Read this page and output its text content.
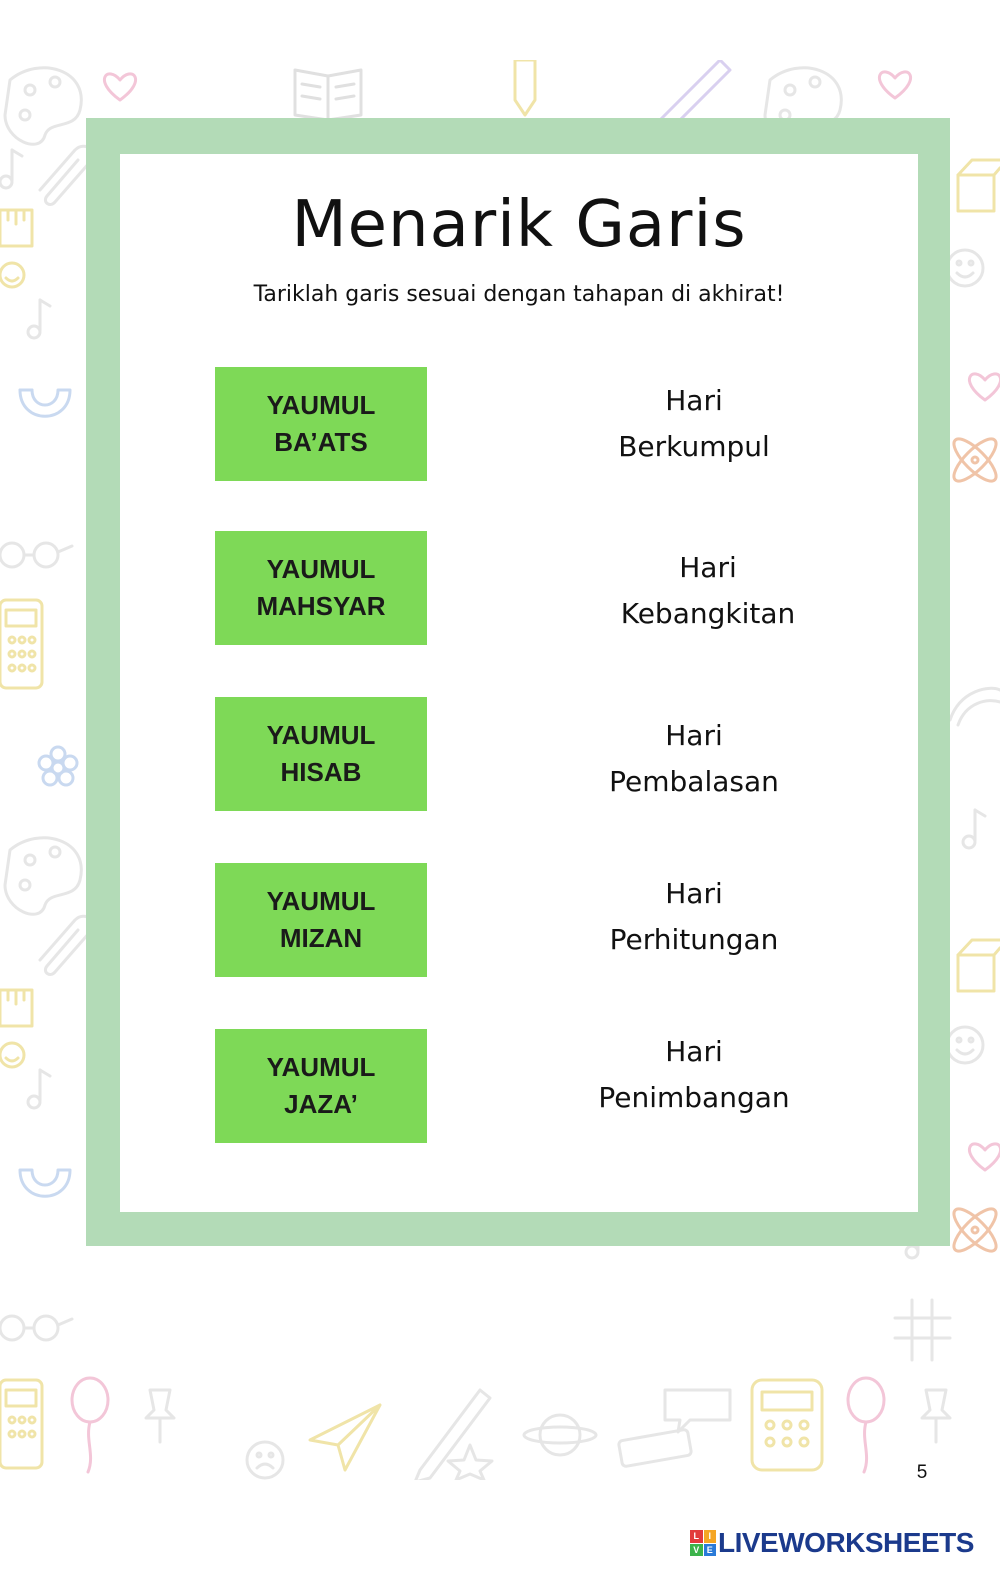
Menarik Garis

Tariklah garis sesuai dengan tahapan di akhirat!

YAUMUL
BA’ATS
YAUMUL
MAHSYAR
YAUMUL
HISAB
YAUMUL
MIZAN
YAUMUL
JAZA’
Hari
Berkumpul
Hari
Kebangkitan
Hari
Pembalasan
Hari
Perhitungan
Hari
Penimbangan
5
L	I
V E LIVEWORKSHEETS
